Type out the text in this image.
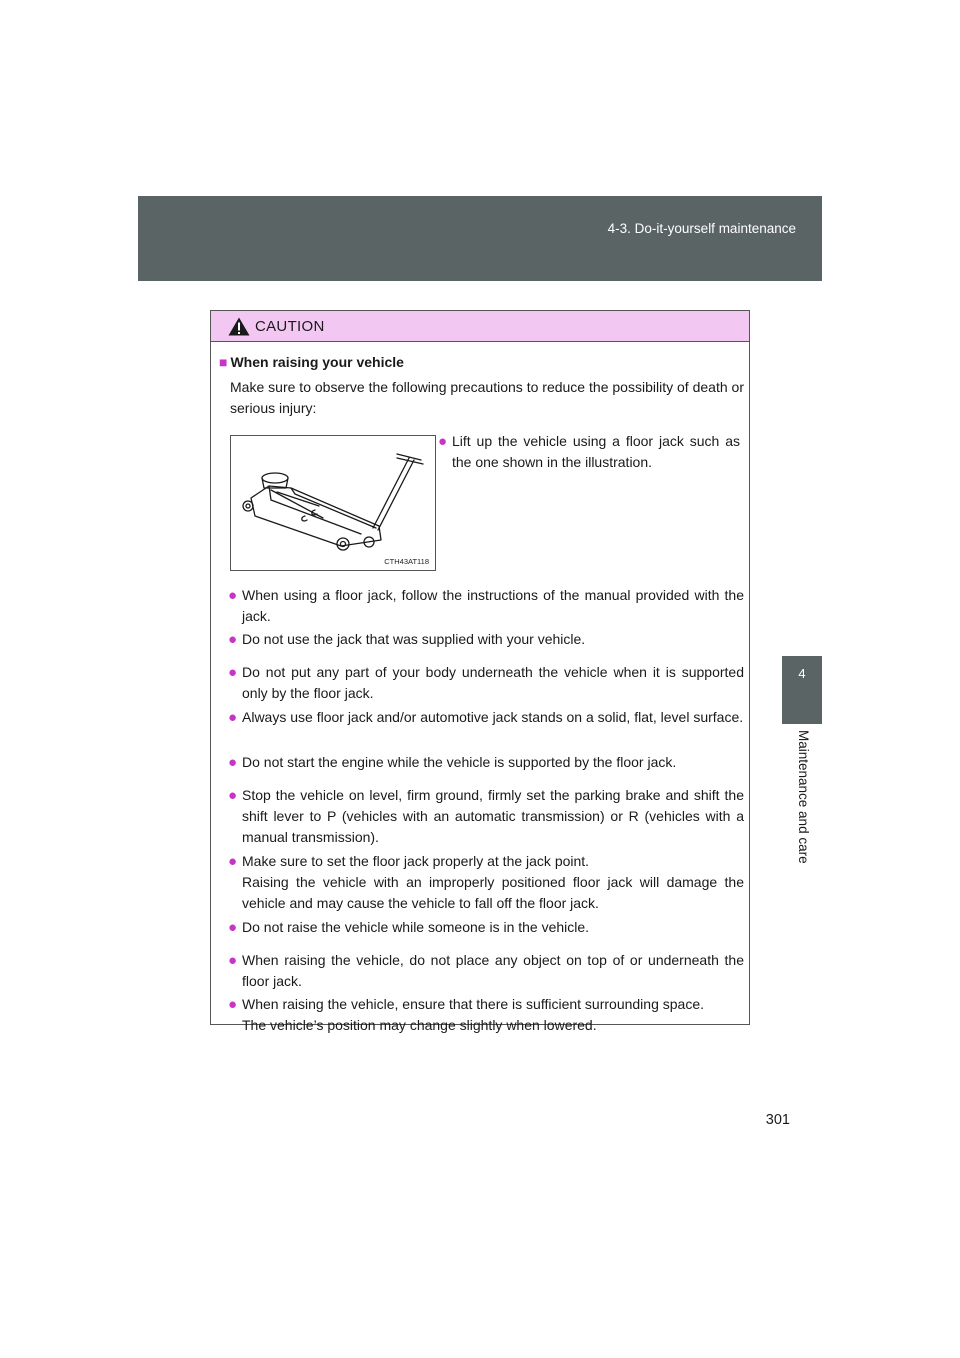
4-3. Do-it-yourself maintenance
4
Maintenance and care
CAUTION
■ When raising your vehicle
Make sure to observe the following precautions to reduce the possibility of death or serious injury:
CTH43AT118
● Lift up the vehicle using a floor jack such as the one shown in the illustration.
● When using a floor jack, follow the instructions of the manual provided with the jack.
● Do not use the jack that was supplied with your vehicle.
● Do not put any part of your body underneath the vehicle when it is supported only by the floor jack.
● Always use floor jack and/or automotive jack stands on a solid, flat, level surface.
● Do not start the engine while the vehicle is supported by the floor jack.
● Stop the vehicle on level, firm ground, firmly set the parking brake and shift the shift lever to P (vehicles with an automatic transmission) or R (vehicles with a manual transmission).
● Make sure to set the floor jack properly at the jack point.
Raising the vehicle with an improperly positioned floor jack will damage the vehicle and may cause the vehicle to fall off the floor jack.
● Do not raise the vehicle while someone is in the vehicle.
● When raising the vehicle, do not place any object on top of or underneath the floor jack.
● When raising the vehicle, ensure that there is sufficient surrounding space.
The vehicle’s position may change slightly when lowered.
301
